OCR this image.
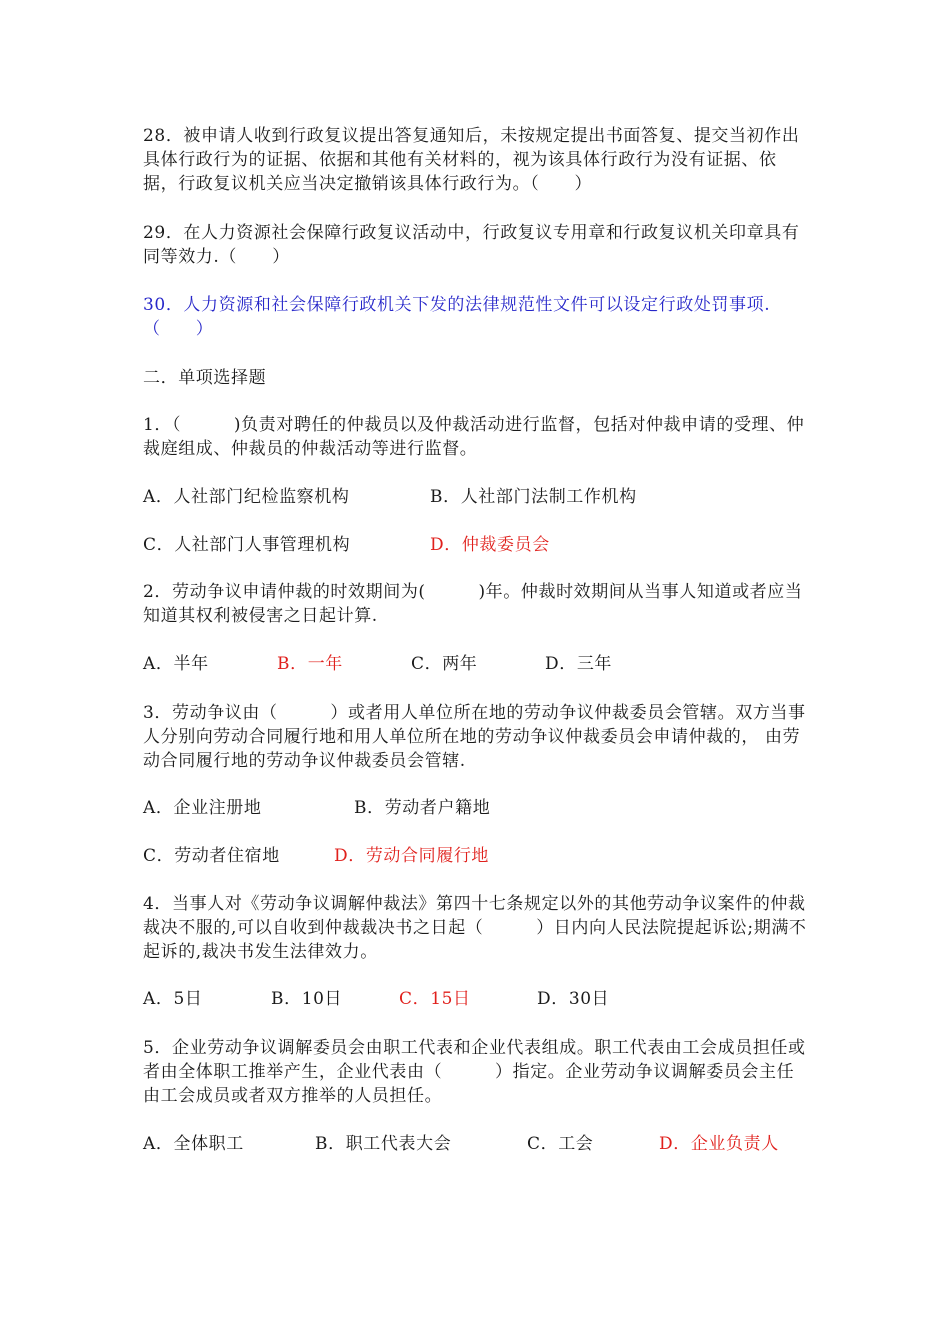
28．被申请人收到行政复议提出答复通知后，未按规定提出书面答复、提交当初作出具体行政行为的证据、依据和其他有关材料的，视为该具体行政行为没有证据、依据，行政复议机关应当决定撤销该具体行政行为。（　　）

29．在人力资源社会保障行政复议活动中，行政复议专用章和行政复议机关印章具有同等效力.（　　）

30．人力资源和社会保障行政机关下发的法律规范性文件可以设定行政处罚事项.（　　）

二．单项选择题

1．（　　　)负责对聘任的仲裁员以及仲裁活动进行监督，包括对仲裁申请的受理、仲裁庭组成、仲裁员的仲裁活动等进行监督。

A．人社部门纪检监察机构	B．人社部门法制工作机构
C．人社部门人事管理机构	D．仲裁委员会

2．劳动争议申请仲裁的时效期间为(　　　)年。仲裁时效期间从当事人知道或者应当知道其权利被侵害之日起计算.

A．半年	B．一年	C．两年	D．三年

3．劳动争议由（　　　）或者用人单位所在地的劳动争议仲裁委员会管辖。双方当事人分别向劳动合同履行地和用人单位所在地的劳动争议仲裁委员会申请仲裁的， 由劳动合同履行地的劳动争议仲裁委员会管辖.

A．企业注册地	B．劳动者户籍地
C．劳动者住宿地	D．劳动合同履行地

4．当事人对《劳动争议调解仲裁法》第四十七条规定以外的其他劳动争议案件的仲裁裁决不服的,可以自收到仲裁裁决书之日起（　　　）日内向人民法院提起诉讼;期满不起诉的,裁决书发生法律效力。

A．5日	B．10日	C．15日	D．30日

5．企业劳动争议调解委员会由职工代表和企业代表组成。职工代表由工会成员担任或者由全体职工推举产生，企业代表由（　　　）指定。企业劳动争议调解委员会主任由工会成员或者双方推举的人员担任。

A．全体职工	B．职工代表大会	C．工会	D．企业负责人
